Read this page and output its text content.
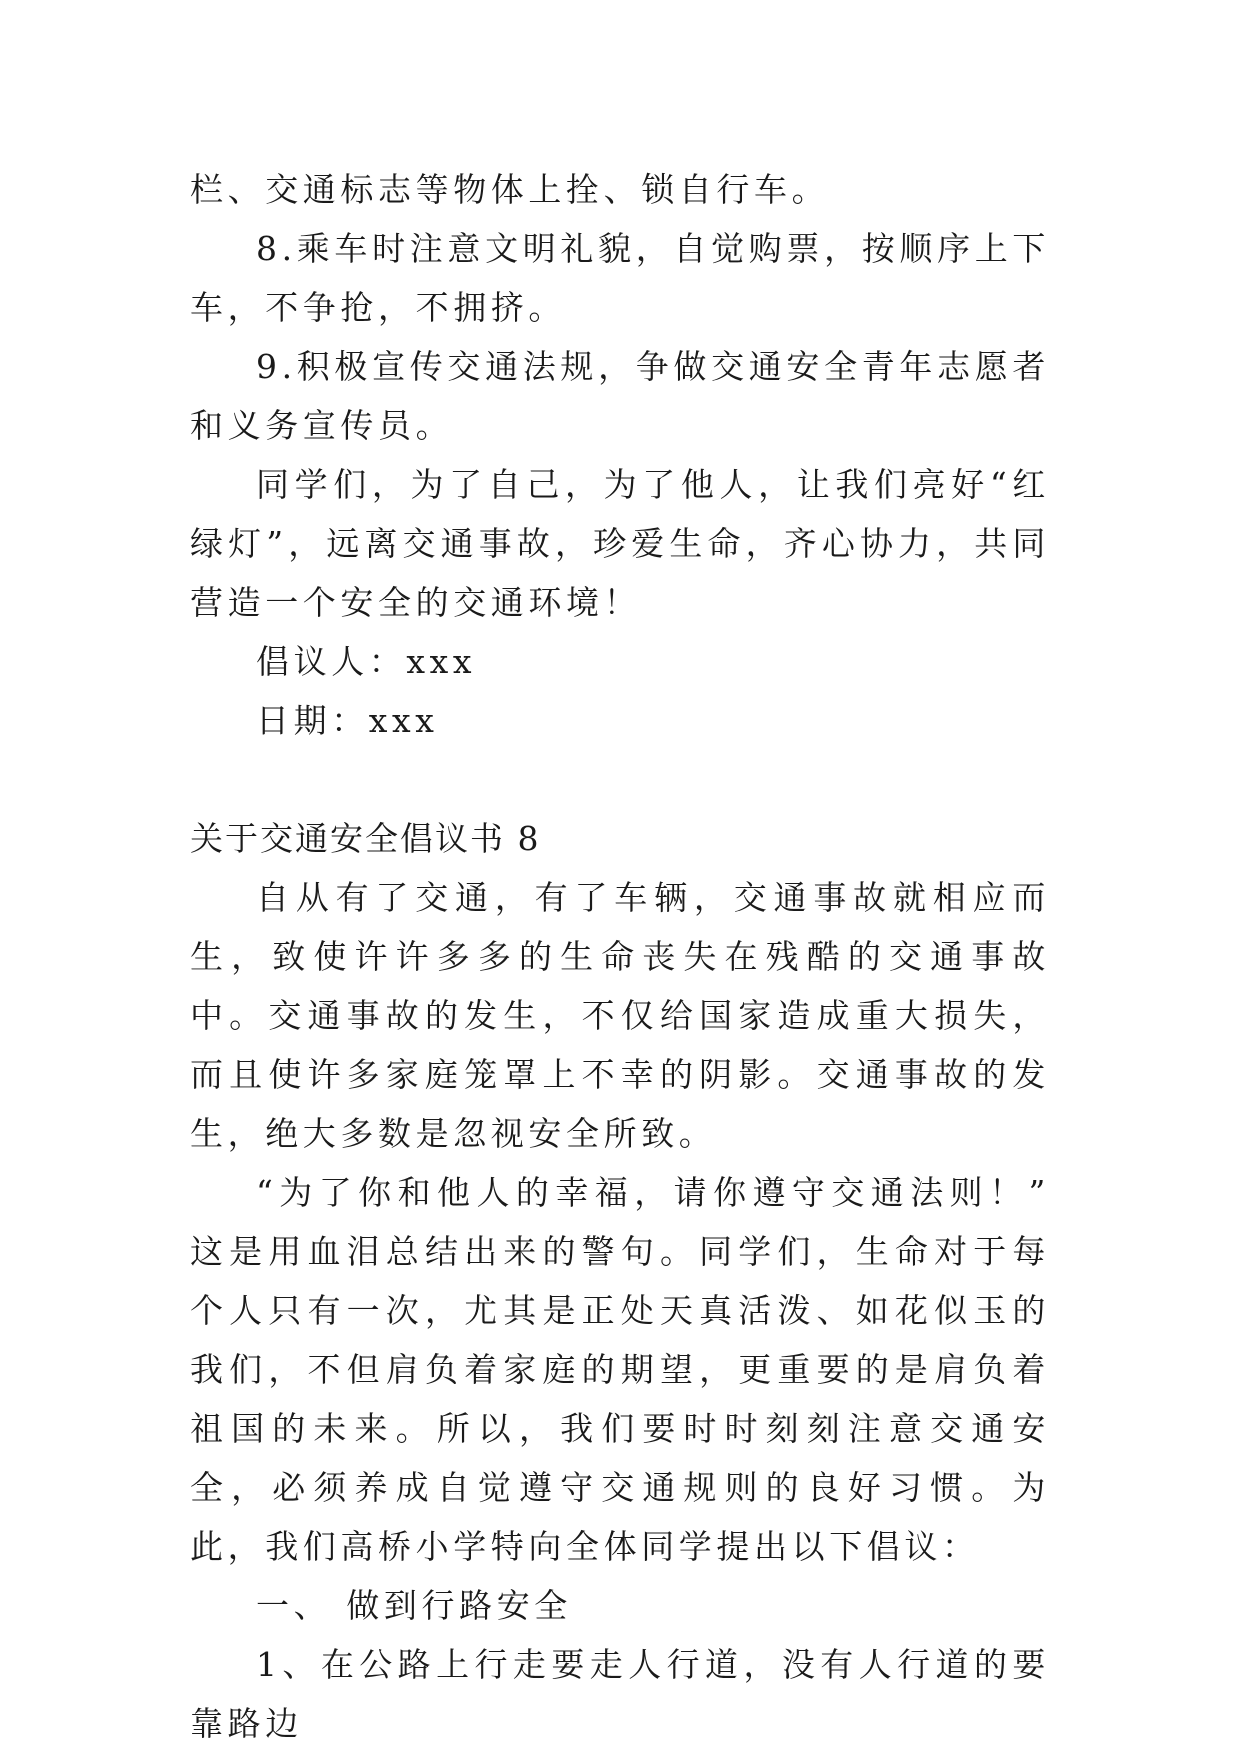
栏、交通标志等物体上拴、锁自行车。

8.乘车时注意文明礼貌，自觉购票，按顺序上下车，不争抢，不拥挤。

9.积极宣传交通法规，争做交通安全青年志愿者和义务宣传员。

同学们，为了自己，为了他人，让我们亮好“红绿灯”，远离交通事故，珍爱生命，齐心协力，共同营造一个安全的交通环境！

倡议人：xxx

日期：xxx

关于交通安全倡议书 8

自从有了交通，有了车辆，交通事故就相应而生，致使许许多多的生命丧失在残酷的交通事故中。交通事故的发生，不仅给国家造成重大损失，而且使许多家庭笼罩上不幸的阴影。交通事故的发生，绝大多数是忽视安全所致。

“为了你和他人的幸福，请你遵守交通法则！” 这是用血泪总结出来的警句。同学们，生命对于每个人只有一次，尤其是正处天真活泼、如花似玉的我们，不但肩负着家庭的期望，更重要的是肩负着祖国的未来。所以，我们要时时刻刻注意交通安全，必须养成自觉遵守交通规则的良好习惯。为此，我们高桥小学特向全体同学提出以下倡议：

一、 做到行路安全

1、在公路上行走要走人行道，没有人行道的要靠路边
